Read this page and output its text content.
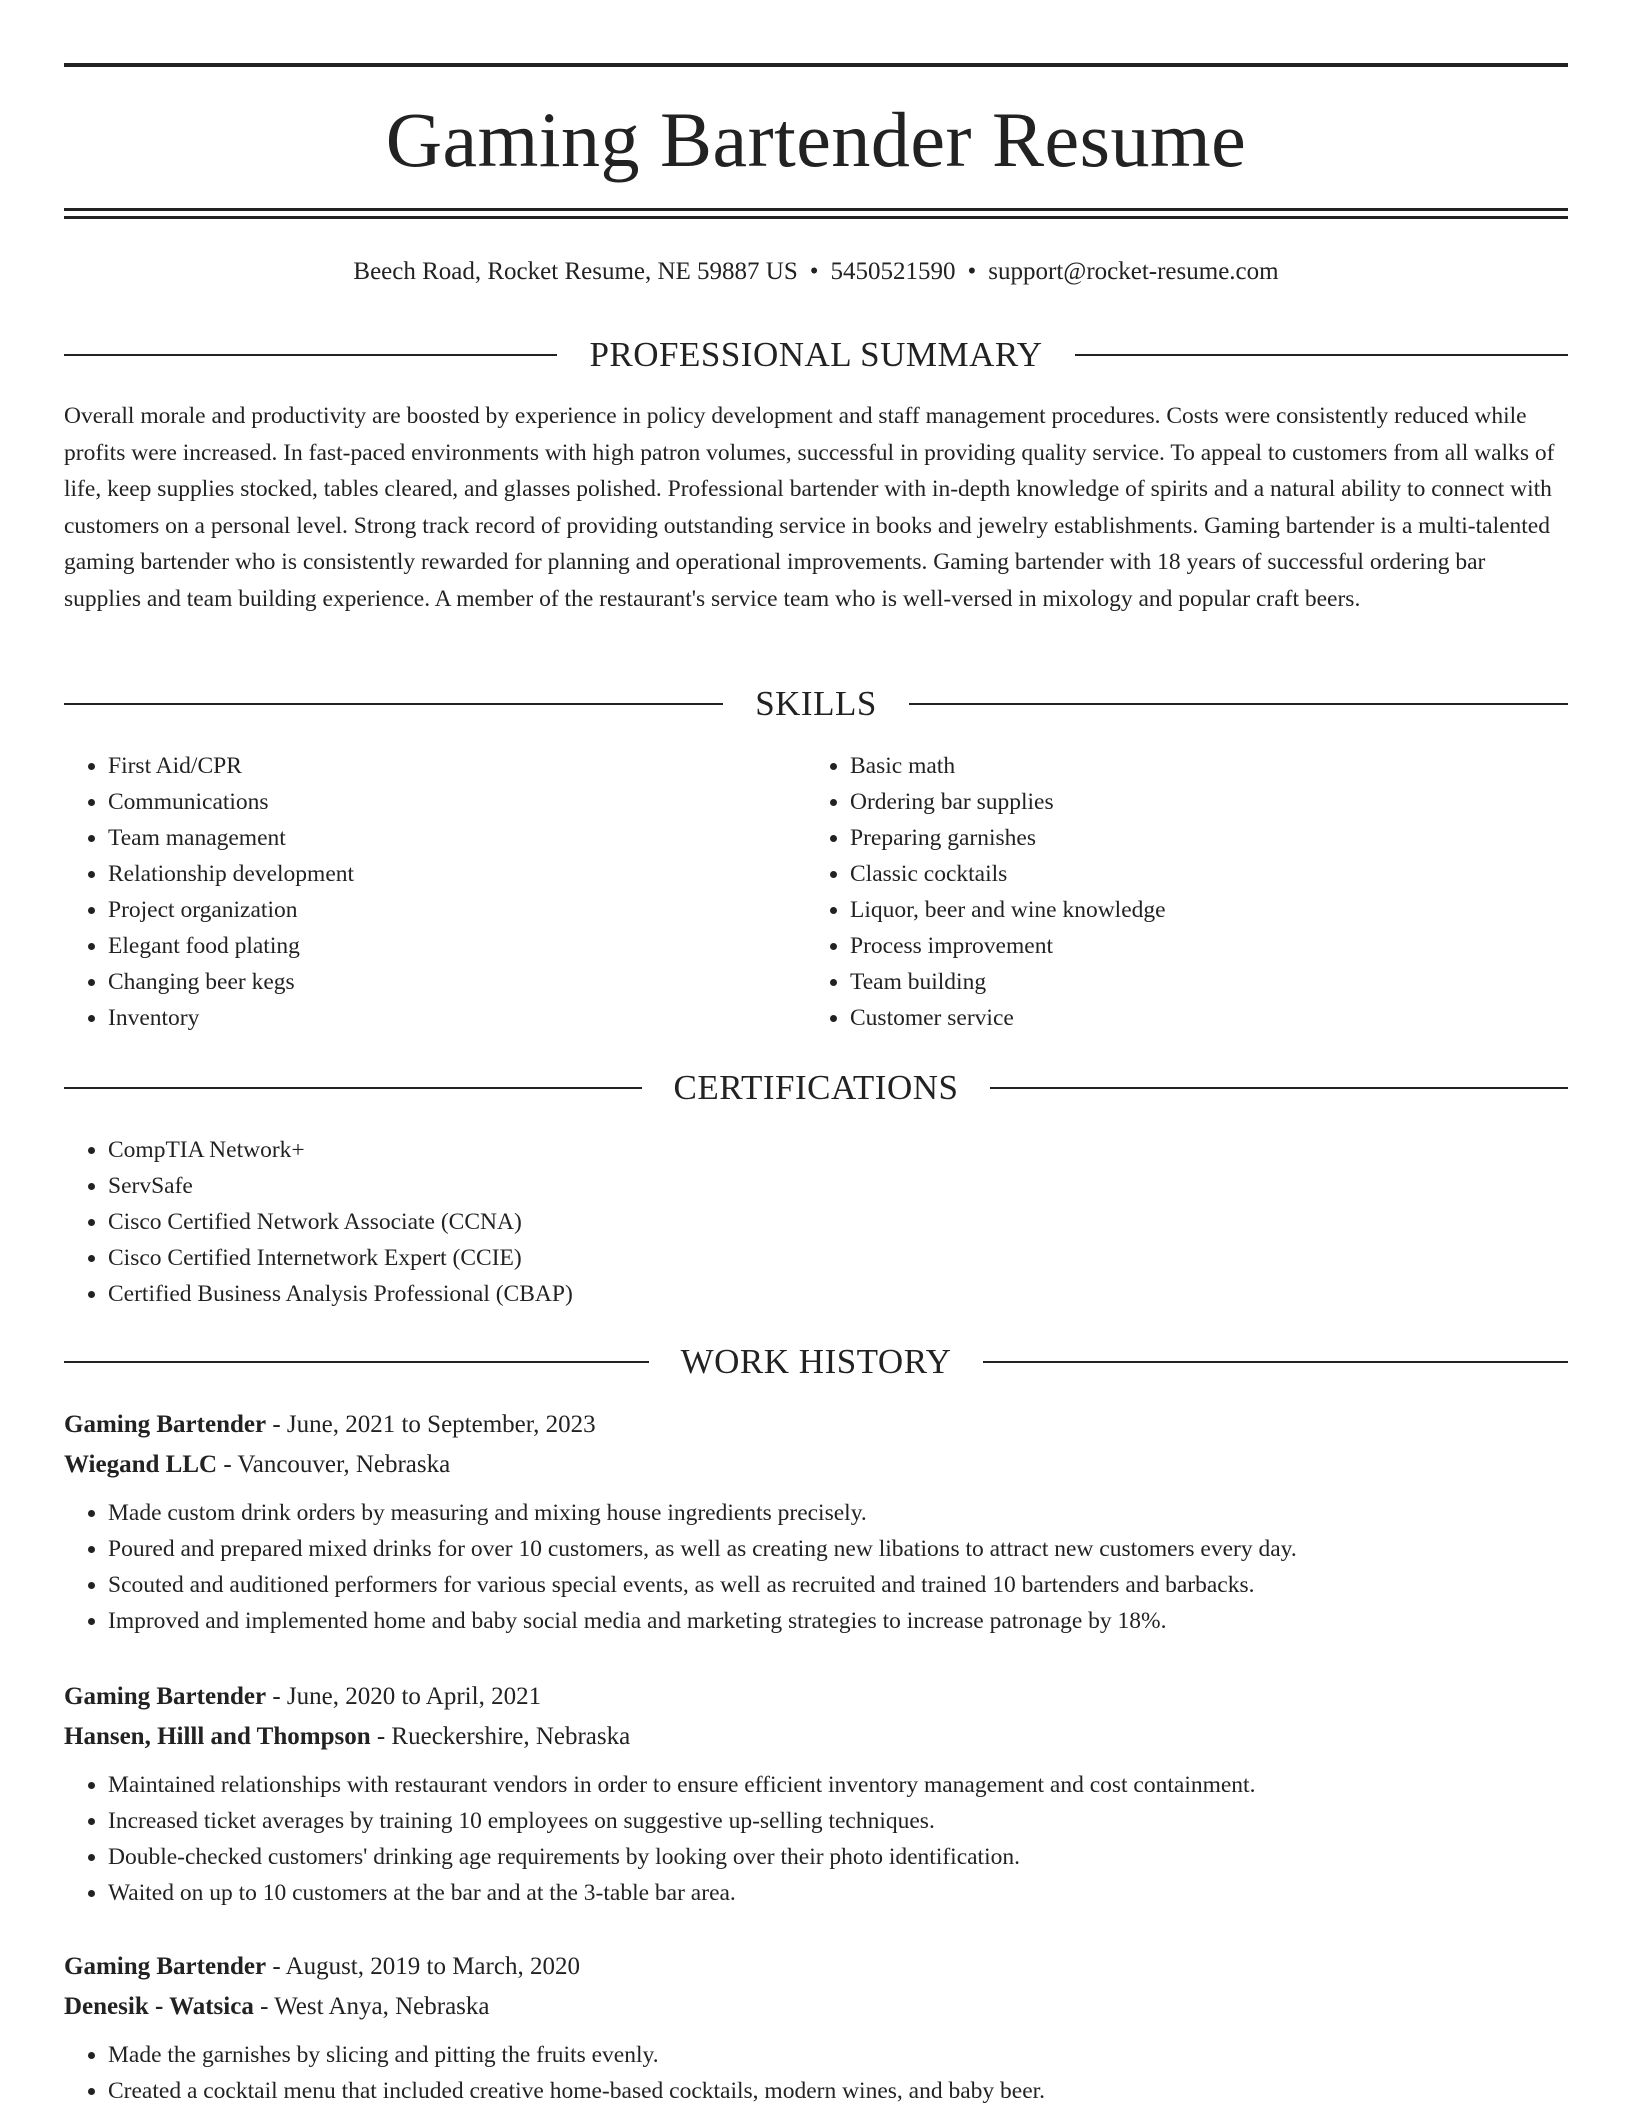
Gaming Bartender Resume
Beech Road, Rocket Resume, NE 59887 US • 5450521590 • support@rocket-resume.com
PROFESSIONAL SUMMARY

Overall morale and productivity are boosted by experience in policy development and staff management procedures. Costs were consistently reduced while profits were increased. In fast-paced environments with high patron volumes, successful in providing quality service. To appeal to customers from all walks of life, keep supplies stocked, tables cleared, and glasses polished. Professional bartender with in-depth knowledge of spirits and a natural ability to connect with customers on a personal level. Strong track record of providing outstanding service in books and jewelry establishments. Gaming bartender is a multi-talented gaming bartender who is consistently rewarded for planning and operational improvements. Gaming bartender with 18 years of successful ordering bar supplies and team building experience. A member of the restaurant's service team who is well-versed in mixology and popular craft beers.

SKILLS
• First Aid/CPR
• Communications
• Team management
• Relationship development
• Project organization
• Elegant food plating
• Changing beer kegs
• Inventory
• Basic math
• Ordering bar supplies
• Preparing garnishes
• Classic cocktails
• Liquor, beer and wine knowledge
• Process improvement
• Team building
• Customer service
CERTIFICATIONS
• CompTIA Network+
• ServSafe
• Cisco Certified Network Associate (CCNA)
• Cisco Certified Internetwork Expert (CCIE)
• Certified Business Analysis Professional (CBAP)
WORK HISTORY
Gaming Bartender - June, 2021 to September, 2023
Wiegand LLC - Vancouver, Nebraska
• Made custom drink orders by measuring and mixing house ingredients precisely.
• Poured and prepared mixed drinks for over 10 customers, as well as creating new libations to attract new customers every day.
• Scouted and auditioned performers for various special events, as well as recruited and trained 10 bartenders and barbacks.
• Improved and implemented home and baby social media and marketing strategies to increase patronage by 18%.
Gaming Bartender - June, 2020 to April, 2021
Hansen, Hilll and Thompson - Rueckershire, Nebraska
• Maintained relationships with restaurant vendors in order to ensure efficient inventory management and cost containment.
• Increased ticket averages by training 10 employees on suggestive up-selling techniques.
• Double-checked customers' drinking age requirements by looking over their photo identification.
• Waited on up to 10 customers at the bar and at the 3-table bar area.
Gaming Bartender - August, 2019 to March, 2020
Denesik - Watsica - West Anya, Nebraska
• Made the garnishes by slicing and pitting the fruits evenly.
• Created a cocktail menu that included creative home-based cocktails, modern wines, and baby beer.
